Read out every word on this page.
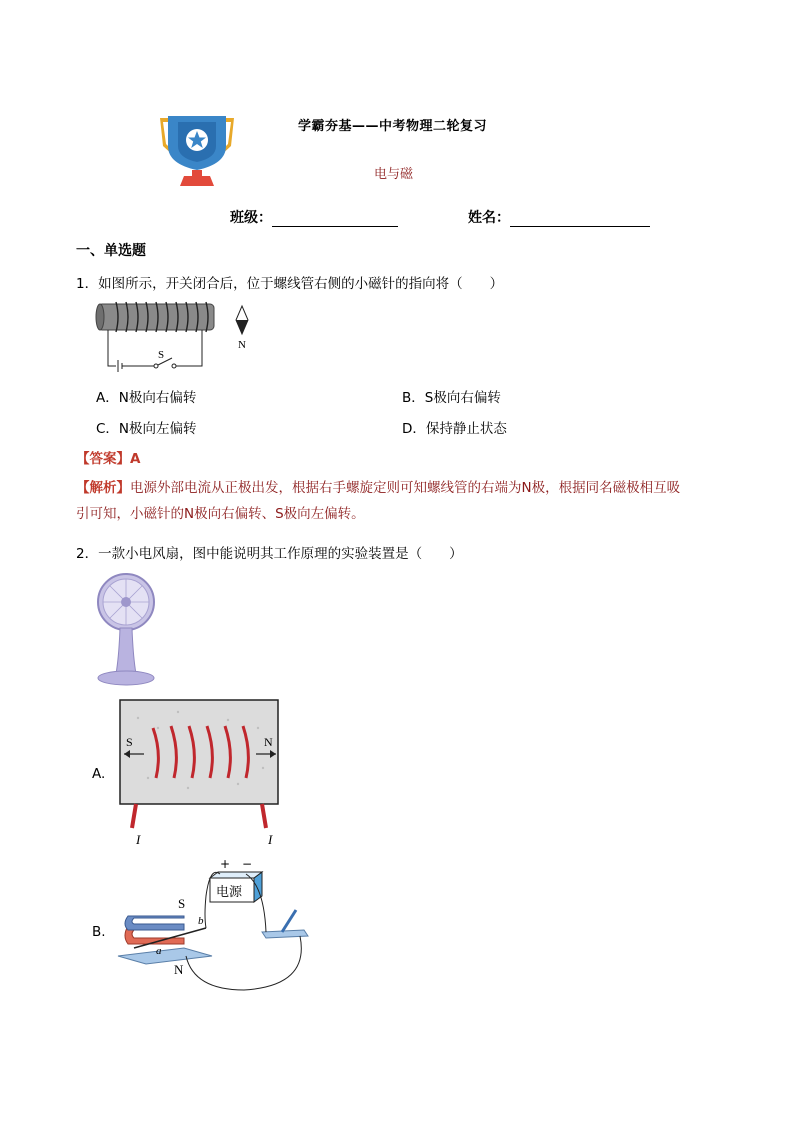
学霸夯基——中考物理二轮复习
电与磁
班级：	姓名：
一、单选题
1．如图所示，开关闭合后，位于螺线管右侧的小磁针的指向将（　　）
S
N
A．N极向右偏转	B．S极向右偏转
C．N极向左偏转	D．保持静止状态
【答案】A
【解析】电源外部电流从正极出发，根据右手螺旋定则可知螺线管的右端为N极，根据同名磁极相互吸
引可知，小磁针的N极向右偏转、S极向左偏转。
2．一款小电风扇，图中能说明其工作原理的实验装置是（　　）
A.
S	N
I	I
B.
S
N
a
b
电源
+ −
